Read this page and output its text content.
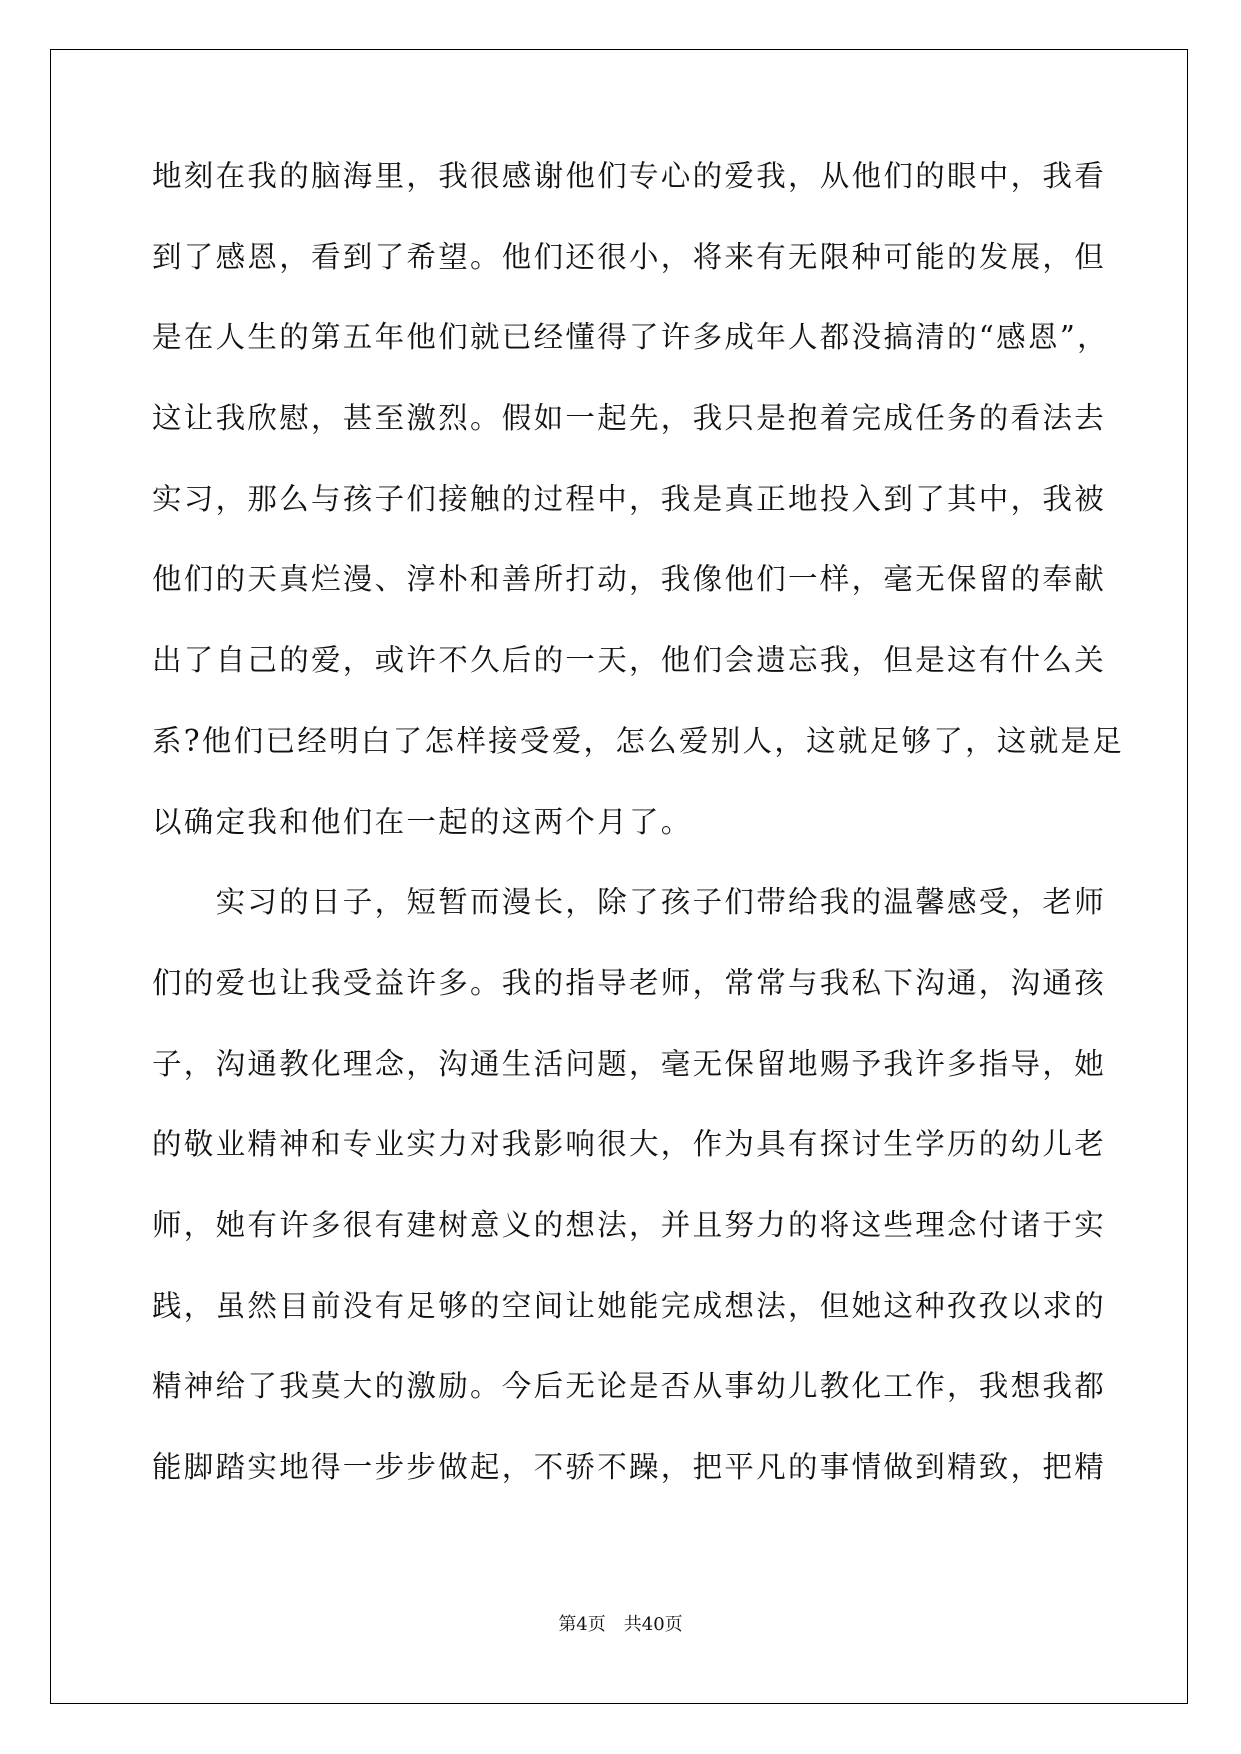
地刻在我的脑海里，我很感谢他们专心的爱我，从他们的眼中，我看
到了感恩，看到了希望。他们还很小，将来有无限种可能的发展，但
是在人生的第五年他们就已经懂得了许多成年人都没搞清的“感恩”，
这让我欣慰，甚至激烈。假如一起先，我只是抱着完成任务的看法去
实习，那么与孩子们接触的过程中，我是真正地投入到了其中，我被
他们的天真烂漫、淳朴和善所打动，我像他们一样，毫无保留的奉献
出了自己的爱，或许不久后的一天，他们会遗忘我，但是这有什么关
系?他们已经明白了怎样接受爱，怎么爱别人，这就足够了，这就是足
以确定我和他们在一起的这两个月了。
　　实习的日子，短暂而漫长，除了孩子们带给我的温馨感受，老师
们的爱也让我受益许多。我的指导老师，常常与我私下沟通，沟通孩
子，沟通教化理念，沟通生活问题，毫无保留地赐予我许多指导，她
的敬业精神和专业实力对我影响很大，作为具有探讨生学历的幼儿老
师，她有许多很有建树意义的想法，并且努力的将这些理念付诸于实
践，虽然目前没有足够的空间让她能完成想法，但她这种孜孜以求的
精神给了我莫大的激励。今后无论是否从事幼儿教化工作，我想我都
能脚踏实地得一步步做起，不骄不躁，把平凡的事情做到精致，把精
第4页 共40页
